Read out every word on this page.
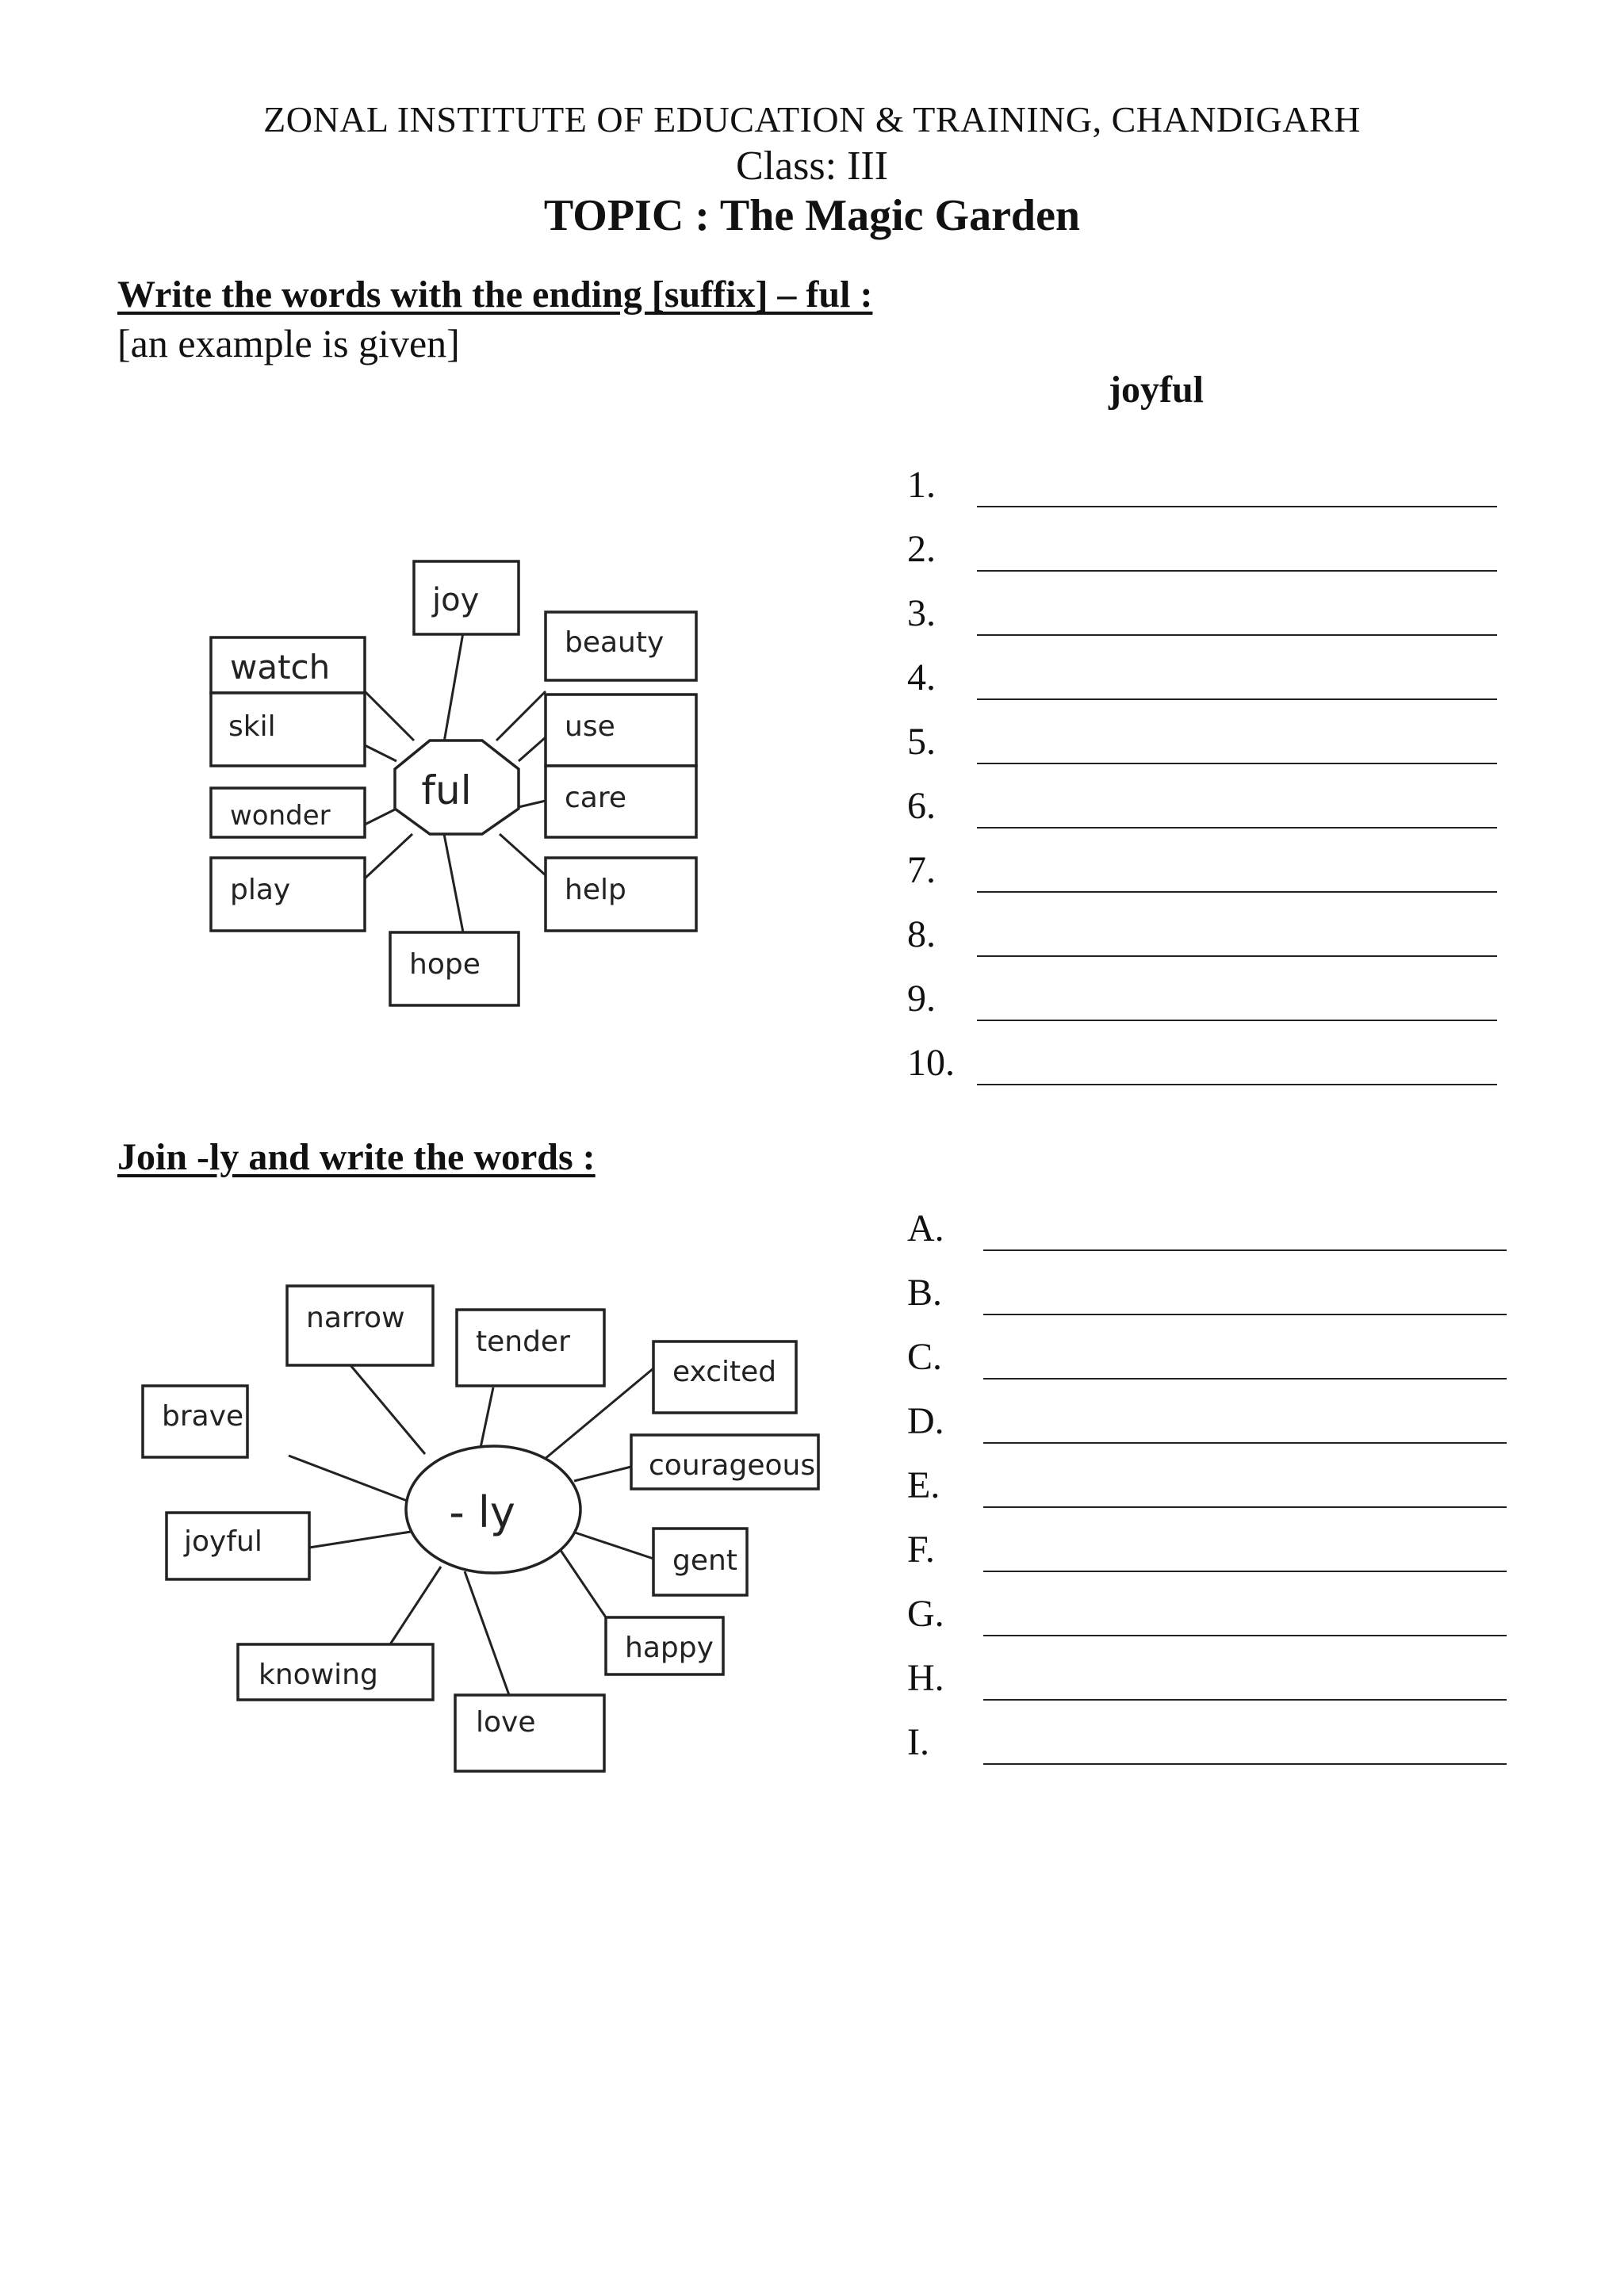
ZONAL INSTITUTE OF EDUCATION & TRAINING, CHANDIGARH
Class: III
TOPIC : The Magic Garden
Write the words with the ending [suffix] – ful :
[an example is given]
joyful
ful
joy
beauty
watch
skil	use
wonder
care
play	help
hope
1.
2.
3.
4.
5.
6.
7.
8.
9.
10.
Join -ly and write the words :
- ly
narrow
tender
excited
brave
courageous
joyful
gent
happy
knowing
love
A.
B.
C.
D.
E.
F.
G.
H.
I.
